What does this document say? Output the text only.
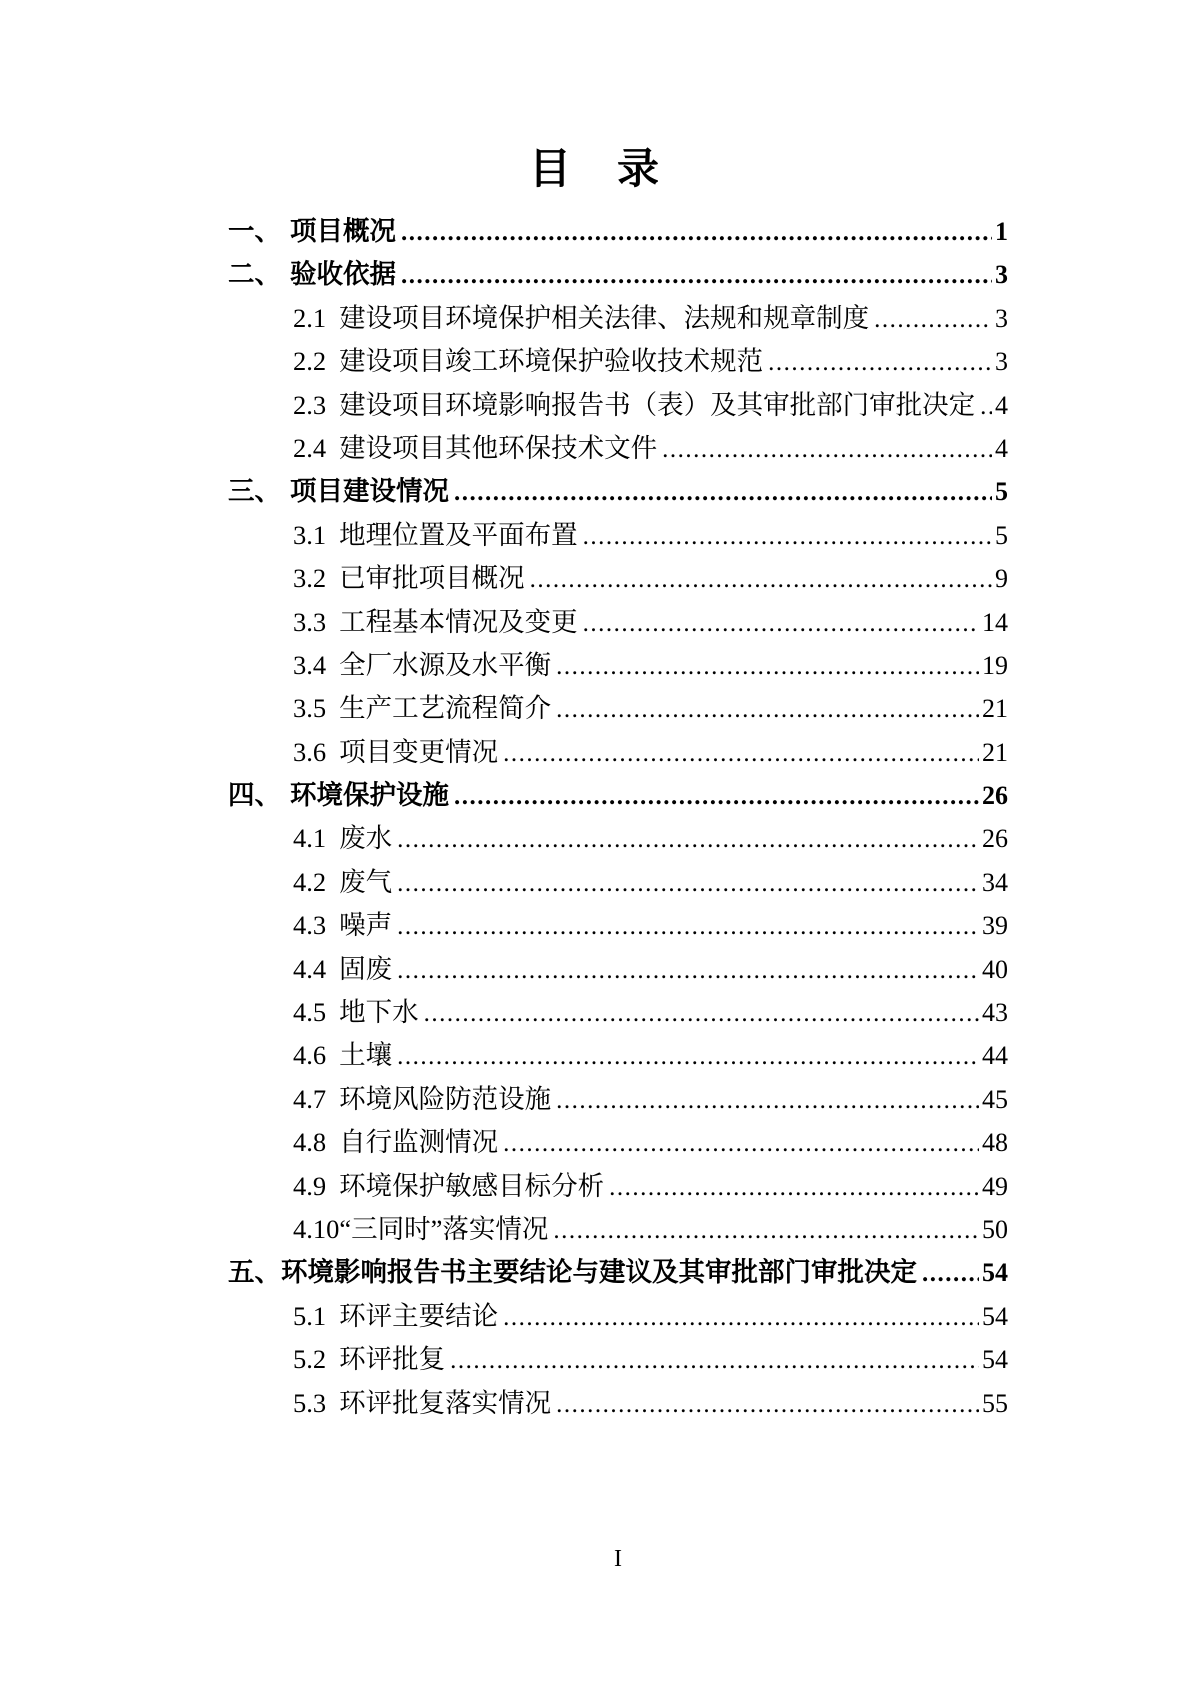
目　录
一、 项目概况 .....	1
二、 验收依据 .....	3
2.1 建设项目环境保护相关法律、法规和规章制度 .....	3
2.2 建设项目竣工环境保护验收技术规范 .....	3
2.3 建设项目环境影响报告书（表）及其审批部门审批决定 ..... 4
2.4 建设项目其他环保技术文件 .....	4
三、 项目建设情况 .....	5
3.1 地理位置及平面布置 .....	5
3.2 已审批项目概况 .....	9
3.3 工程基本情况及变更 .....	14
3.4 全厂水源及水平衡 .....	19
3.5 生产工艺流程简介 .....	21
3.6 项目变更情况 .....	21
四、 环境保护设施 .....	26
4.1 废水 .....	26
4.2 废气 .....	34
4.3 噪声 .....	39
4.4 固废 .....	40
4.5 地下水 .....	43
4.6 土壤 .....	44
4.7 环境风险防范设施 .....	45
4.8 自行监测情况 .....	48
4.9 环境保护敏感目标分析 .....	49
4.10 “三同时”落实情况 .....	50
五、 环境影响报告书主要结论与建议及其审批部门审批决定 .....	54
5.1 环评主要结论 .....	54
5.2 环评批复 .....	54
5.3 环评批复落实情况 .....	55
I
